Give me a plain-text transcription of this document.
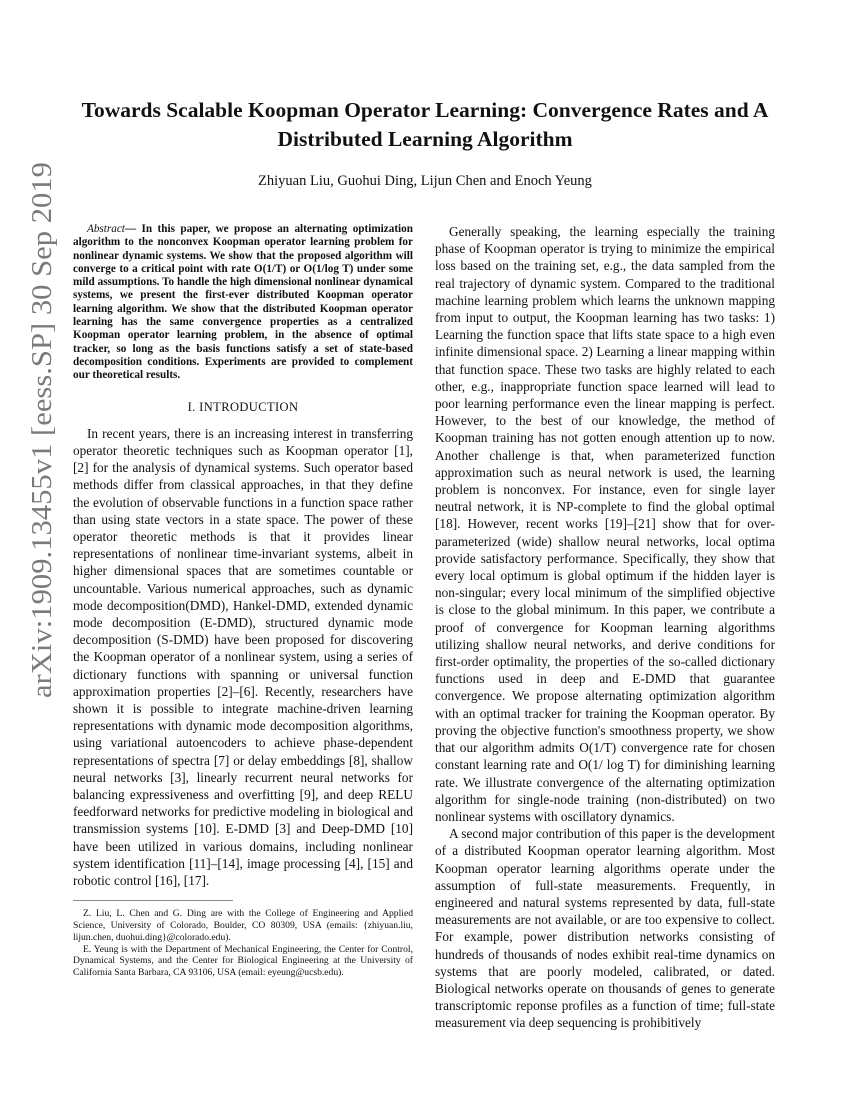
arXiv:1909.13455v1 [eess.SP] 30 Sep 2019
Towards Scalable Koopman Operator Learning: Convergence Rates and A Distributed Learning Algorithm

Zhiyuan Liu, Guohui Ding, Lijun Chen and Enoch Yeung

Abstract— In this paper, we propose an alternating optimization algorithm to the nonconvex Koopman operator learning problem for nonlinear dynamic systems. We show that the proposed algorithm will converge to a critical point with rate O(1/T) or O(1/log T) under some mild assumptions. To handle the high dimensional nonlinear dynamical systems, we present the first-ever distributed Koopman operator learning algorithm. We show that the distributed Koopman operator learning has the same convergence properties as a centralized Koopman operator learning problem, in the absence of optimal tracker, so long as the basis functions satisfy a set of state-based decomposition conditions. Experiments are provided to complement our theoretical results.

I. INTRODUCTION

In recent years, there is an increasing interest in transferring operator theoretic techniques such as Koopman operator [1], [2] for the analysis of dynamical systems. Such operator based methods differ from classical approaches, in that they define the evolution of observable functions in a function space rather than using state vectors in a state space. The power of these operator theoretic methods is that it provides linear representations of nonlinear time-invariant systems, albeit in higher dimensional spaces that are sometimes countable or uncountable. Various numerical approaches, such as dynamic mode decomposition(DMD), Hankel-DMD, extended dynamic mode decomposition (E-DMD), structured dynamic mode decomposition (S-DMD) have been proposed for discovering the Koopman operator of a nonlinear system, using a series of dictionary functions with spanning or universal function approximation properties [2]–[6]. Recently, researchers have shown it is possible to integrate machine-driven learning representations with dynamic mode decomposition algorithms, using variational autoencoders to achieve phase-dependent representations of spectra [7] or delay embeddings [8], shallow neural networks [3], linearly recurrent neural networks for balancing expressiveness and overfitting [9], and deep RELU feedforward networks for predictive modeling in biological and transmission systems [10]. E-DMD [3] and Deep-DMD [10] have been utilized in various domains, including nonlinear system identification [11]–[14], image processing [4], [15] and robotic control [16], [17].

Z. Liu, L. Chen and G. Ding are with the College of Engineering and Applied Science, University of Colorado, Boulder, CO 80309, USA (emails: {zhiyuan.liu, lijun.chen, duohui.ding}@colorado.edu).

E. Yeung is with the Department of Mechanical Engineering, the Center for Control, Dynamical Systems, and the Center for Biological Engineering at the University of California Santa Barbara, CA 93106, USA (email: eyeung@ucsb.edu).

Generally speaking, the learning especially the training phase of Koopman operator is trying to minimize the empirical loss based on the training set, e.g., the data sampled from the real trajectory of dynamic system. Compared to the traditional machine learning problem which learns the unknown mapping from input to output, the Koopman learning has two tasks: 1) Learning the function space that lifts state space to a high even infinite dimensional space. 2) Learning a linear mapping within that function space. These two tasks are highly related to each other, e.g., inappropriate function space learned will lead to poor learning performance even the linear mapping is perfect. However, to the best of our knowledge, the method of Koopman training has not gotten enough attention up to now. Another challenge is that, when parameterized function approximation such as neural network is used, the learning problem is nonconvex. For instance, even for single layer neutral network, it is NP-complete to find the global optimal [18]. However, recent works [19]–[21] show that for over-parameterized (wide) shallow neural networks, local optima provide satisfactory performance. Specifically, they show that every local optimum is global optimum if the hidden layer is non-singular; every local minimum of the simplified objective is close to the global minimum. In this paper, we contribute a proof of convergence for Koopman learning algorithms utilizing shallow neural networks, and derive conditions for first-order optimality, the properties of the so-called dictionary functions used in deep and E-DMD that guarantee convergence. We propose alternating optimization algorithm with an optimal tracker for training the Koopman operator. By proving the objective function's smoothness property, we show that our algorithm admits O(1/T) convergence rate for chosen constant learning rate and O(1/ log T) for diminishing learning rate. We illustrate convergence of the alternating optimization algorithm for single-node training (non-distributed) on two nonlinear systems with oscillatory dynamics.

A second major contribution of this paper is the development of a distributed Koopman operator learning algorithm. Most Koopman operator learning algorithms operate under the assumption of full-state measurements. Frequently, in engineered and natural systems represented by data, full-state measurements are not available, or are too expensive to collect. For example, power distribution networks consisting of hundreds of thousands of nodes exhibit real-time dynamics on systems that are poorly modeled, calibrated, or dated. Biological networks operate on thousands of genes to generate transcriptomic reponse profiles as a function of time; full-state measurement via deep sequencing is prohibitively
